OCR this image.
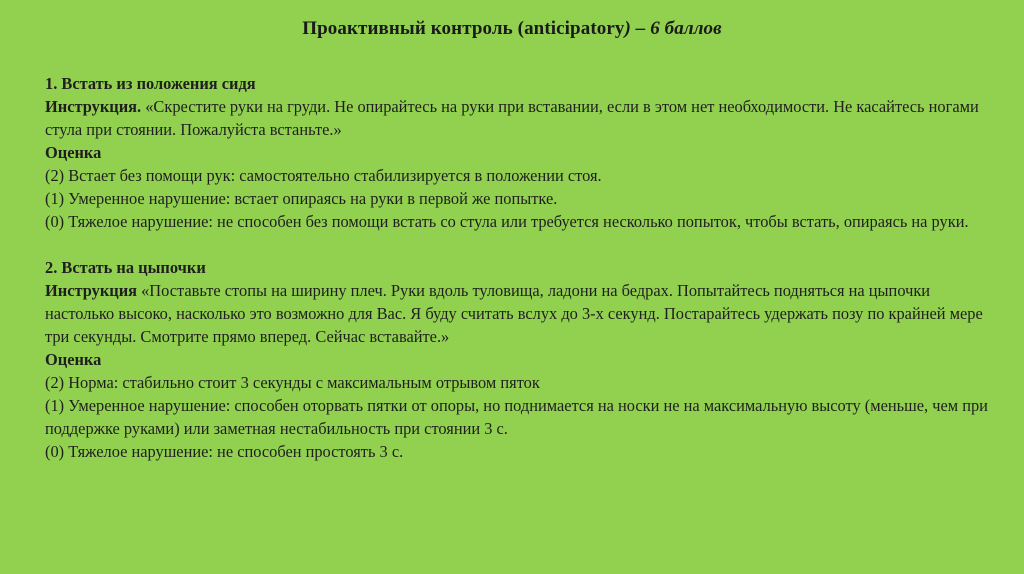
Проактивный контроль (anticipatory) – 6 баллов

1. Встать из положения сидя

Инструкция. «Скрестите руки на груди. Не опирайтесь на руки при вставании, если в этом нет необходимости. Не касайтесь ногами стула при стоянии. Пожалуйста встаньте.»

Оценка

(2) Встает без помощи рук: самостоятельно стабилизируется в положении стоя.

(1) Умеренное нарушение: встает опираясь на руки в первой же попытке.

(0) Тяжелое нарушение: не способен без помощи встать со стула или требуется несколько попыток, чтобы встать, опираясь на руки.

2. Встать на цыпочки

Инструкция «Поставьте стопы на ширину плеч. Руки вдоль туловища, ладони на бедрах. Попытайтесь подняться на цыпочки настолько высоко, насколько это возможно для Вас. Я буду считать вслух до 3-х секунд. Постарайтесь удержать позу по крайней мере три секунды. Смотрите прямо вперед. Сейчас вставайте.»

Оценка

(2) Норма: стабильно стоит 3 секунды с максимальным отрывом пяток

(1) Умеренное нарушение: способен оторвать пятки от опоры, но поднимается на носки не на максимальную высоту (меньше, чем при поддержке руками) или заметная нестабильность при стоянии 3 с.

(0) Тяжелое нарушение: не способен простоять 3 с.
